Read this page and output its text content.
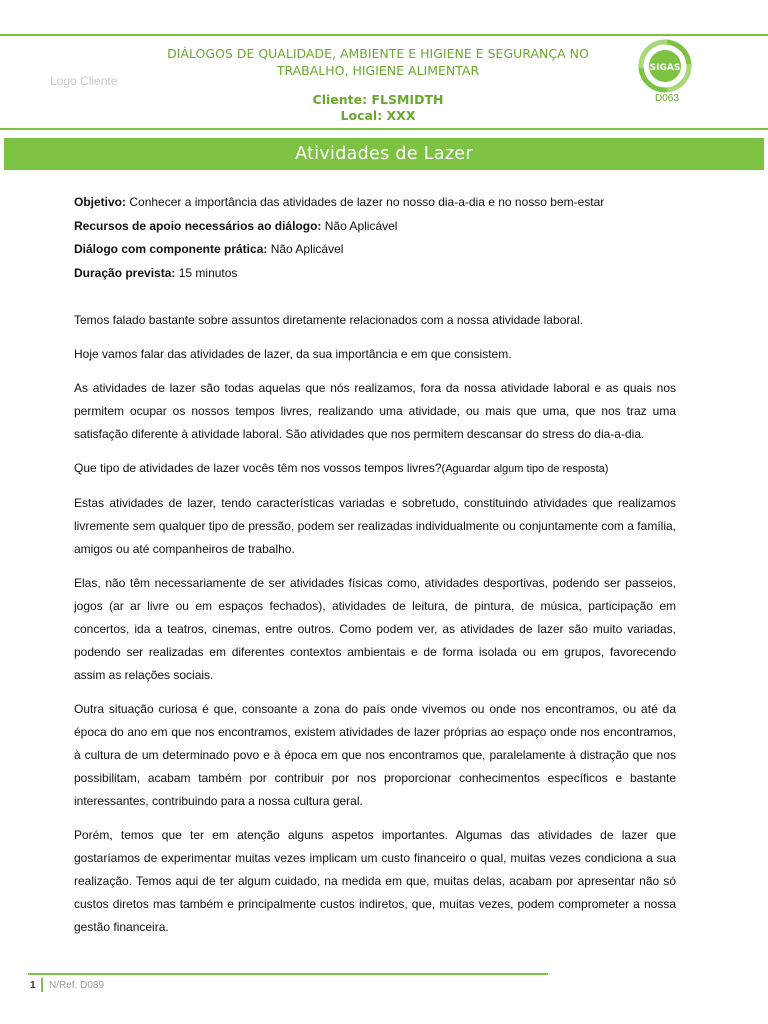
Logo Cliente
DIÁLOGOS DE QUALIDADE, AMBIENTE E HIGIENE E SEGURANÇA NO
TRABALHO, HIGIENE ALIMENTAR
Cliente: FLSMIDTH
Local: XXX
SIGAS
D063
Atividades de Lazer
Objetivo: Conhecer a importância das atividades de lazer no nosso dia-a-dia e no nosso bem-estar
Recursos de apoio necessários ao diálogo: Não Aplicável
Diálogo com componente prática: Não Aplicável
Duração prevista: 15 minutos

Temos falado bastante sobre assuntos diretamente relacionados com a nossa atividade laboral.

Hoje vamos falar das atividades de lazer, da sua importância e em que consistem.

As atividades de lazer são todas aquelas que nós realizamos, fora da nossa atividade laboral e as quais nos permitem ocupar os nossos tempos livres, realizando uma atividade, ou mais que uma, que nos traz uma satisfação diferente à atividade laboral. São atividades que nos permitem descansar do stress do dia-a-dia.

Que tipo de atividades de lazer vocês têm nos vossos tempos livres?(Aguardar algum tipo de resposta)

Estas atividades de lazer, tendo características variadas e sobretudo, constituindo atividades que realizamos livremente sem qualquer tipo de pressão, podem ser realizadas individualmente ou conjuntamente com a família, amigos ou até companheiros de trabalho.

Elas, não têm necessariamente de ser atividades físicas como, atividades desportivas, podendo ser passeios, jogos (ar ar livre ou em espaços fechados), atividades de leitura, de pintura, de música, participação em concertos, ida a teatros, cinemas, entre outros. Como podem ver, as atividades de lazer são muito variadas, podendo ser realizadas em diferentes contextos ambientais e de forma isolada ou em grupos, favorecendo assim as relações sociais.

Outra situação curiosa é que, consoante a zona do país onde vivemos ou onde nos encontramos, ou até da época do ano em que nos encontramos, existem atividades de lazer próprias ao espaço onde nos encontramos, à cultura de um determinado povo e à época em que nos encontramos que, paralelamente à distração que nos possibilitam, acabam também por contribuir por nos proporcionar conhecimentos específicos e bastante interessantes, contribuindo para a nossa cultura geral.

Porém, temos que ter em atenção alguns aspetos importantes. Algumas das atividades de lazer que gostaríamos de experimentar muitas vezes implicam um custo financeiro o qual, muitas vezes condiciona a sua realização. Temos aqui de ter algum cuidado, na medida em que, muitas delas, acabam por apresentar não só custos diretos mas também e principalmente custos indiretos, que, muitas vezes, podem comprometer a nossa gestão financeira.

1 N/Ref. D089
